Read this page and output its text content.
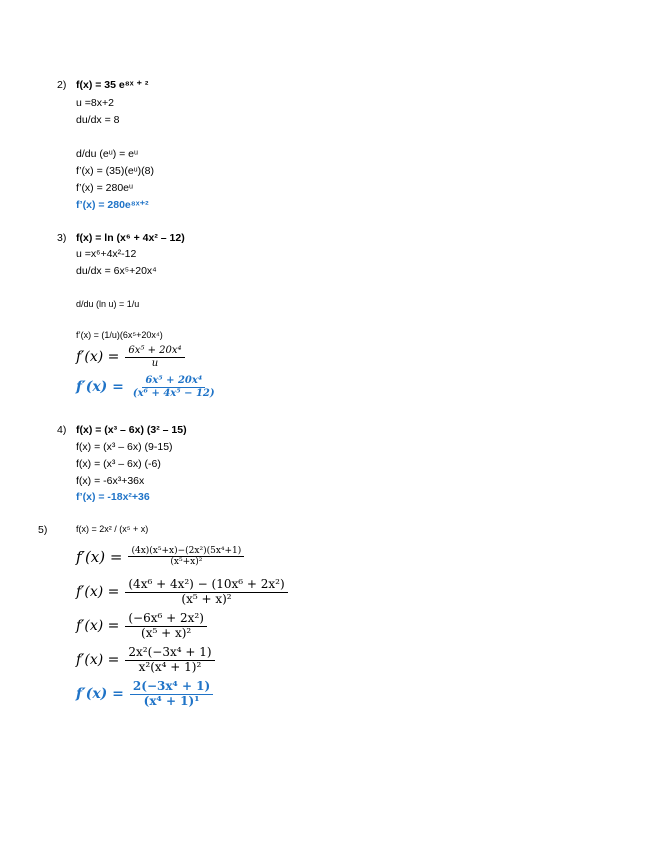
2) f(x) = 35 e⁸ˣ ⁺ ²
u =8x+2
du/dx = 8
d/du (eᵘ) = eᵘ
f’(x) = (35)(eᵘ)(8)
f’(x) = 280eᵘ
f’(x) = 280e⁸ˣ⁺²
3) f(x) = ln (x⁶ + 4x² – 12)
u =x⁶+4x²-12
du/dx = 6x⁵+20x⁴
d/du (ln u) = 1/u
f’(x) = (1/u)(6x⁵+20x⁴)
$f'(x) = \frac{\text{6x⁵ + 20x⁴}}{u}$
$f'(x) = \frac{\text{6x⁵ + 20x⁴}}{\text{(x⁶ + 4x⁵ − 12)}}$
4) f(x) = (x³ – 6x) (3² – 15)
f(x) = (x³ – 6x) (9-15)
f(x) = (x³ – 6x) (-6)
f(x) = -6x³+36x
f’(x) = -18x²+36
5)	f(x) = 2x² / (x⁵ + x)
$f'(x) = \frac{\text{(4x)(x⁵+x)−(2x²)(5x⁴+1)}}{\text{(x⁵+x)²}}$
$f'(x) = \frac{\text{(4x⁶ + 4x²) − (10x⁶ + 2x²)}}{\text{(x⁵ + x)²}}$
$f'(x) = \frac{\text{(−6x⁶ + 2x²)}}{\text{(x⁵ + x)²}}$
$f'(x) = \frac{\text{2x²(−3x⁴ + 1)}}{\text{x²(x⁴ + 1)²}}$
$f'(x) = \frac{\text{2(−3x⁴ + 1)}}{\text{(x⁴ + 1)¹}}$
